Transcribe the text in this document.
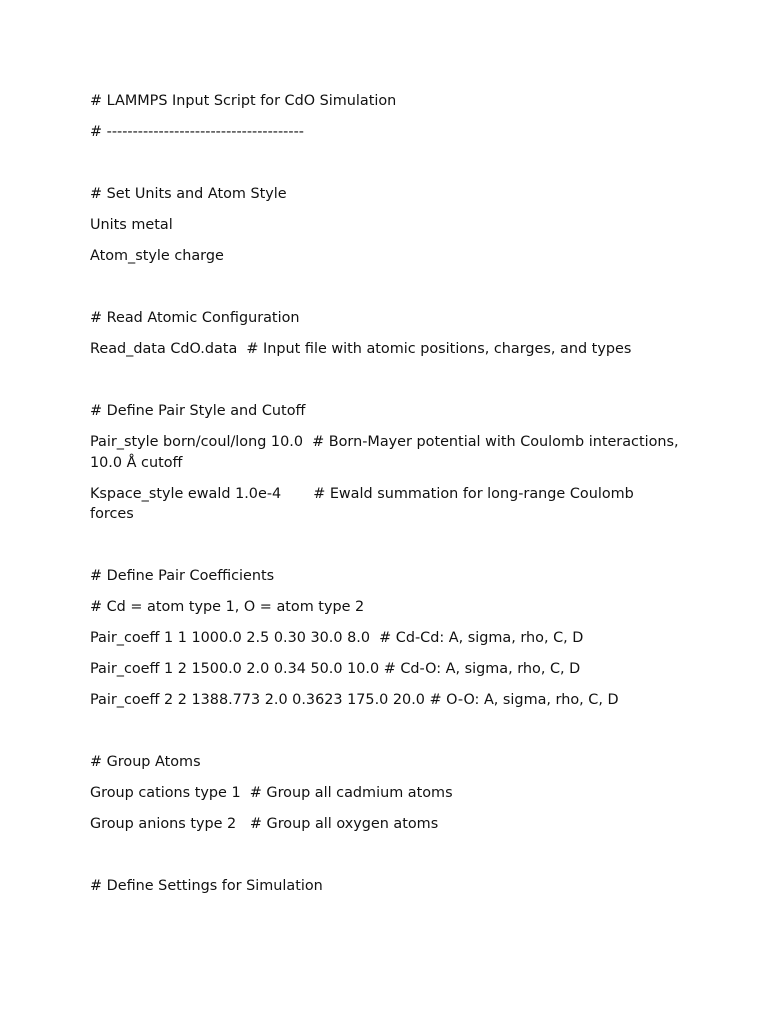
# LAMMPS Input Script for CdO Simulation
# --------------------------------------
# Set Units and Atom Style
Units metal
Atom_style charge
# Read Atomic Configuration
Read_data CdO.data  # Input file with atomic positions, charges, and types
# Define Pair Style and Cutoff
Pair_style born/coul/long 10.0  # Born-Mayer potential with Coulomb interactions, 10.0 Å cutoff
Kspace_style ewald 1.0e-4       # Ewald summation for long-range Coulomb forces
# Define Pair Coefficients
# Cd = atom type 1, O = atom type 2
Pair_coeff 1 1 1000.0 2.5 0.30 30.0 8.0  # Cd-Cd: A, sigma, rho, C, D
Pair_coeff 1 2 1500.0 2.0 0.34 50.0 10.0 # Cd-O: A, sigma, rho, C, D
Pair_coeff 2 2 1388.773 2.0 0.3623 175.0 20.0 # O-O: A, sigma, rho, C, D
# Group Atoms
Group cations type 1  # Group all cadmium atoms
Group anions type 2   # Group all oxygen atoms
# Define Settings for Simulation
